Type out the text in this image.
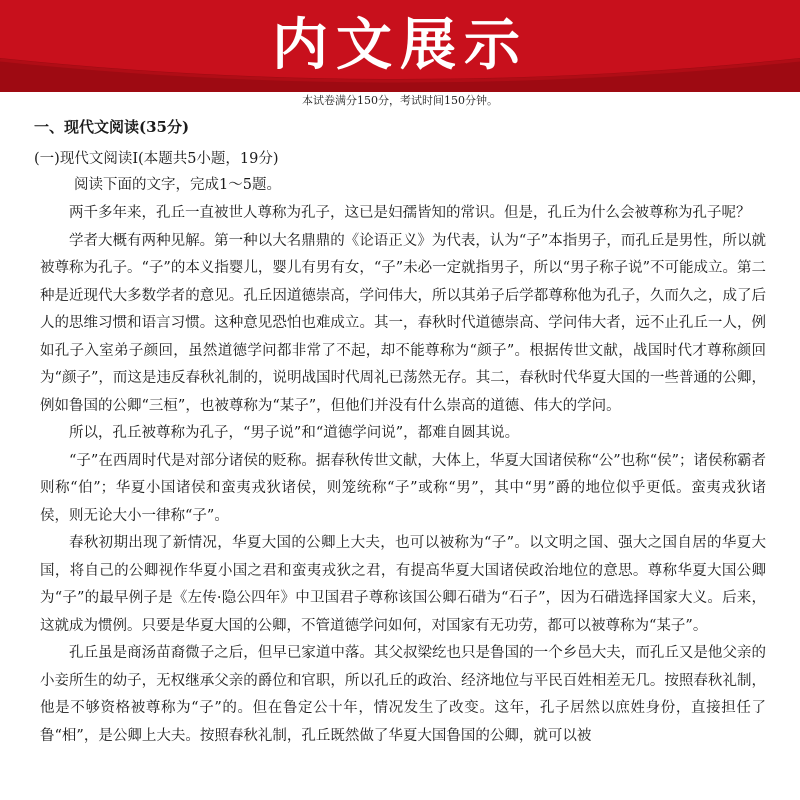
内文展示
本试卷满分150分，考试时间150分钟。
一、现代文阅读(35分)
(一)现代文阅读Ⅰ(本题共5小题，19分)
阅读下面的文字，完成1～5题。

两千多年来，孔丘一直被世人尊称为孔子，这已是妇孺皆知的常识。但是，孔丘为什么会被尊称为孔子呢？

学者大概有两种见解。第一种以大名鼎鼎的《论语正义》为代表，认为“子”本指男子，而孔丘是男性，所以就被尊称为孔子。“子”的本义指婴儿，婴儿有男有女，“子”未必一定就指男子，所以“男子称子说”不可能成立。第二种是近现代大多数学者的意见。孔丘因道德崇高，学问伟大，所以其弟子后学都尊称他为孔子，久而久之，成了后人的思维习惯和语言习惯。这种意见恐怕也难成立。其一，春秋时代道德崇高、学问伟大者，远不止孔丘一人，例如孔子入室弟子颜回，虽然道德学问都非常了不起，却不能尊称为“颜子”。根据传世文献，战国时代才尊称颜回为“颜子”，而这是违反春秋礼制的，说明战国时代周礼已荡然无存。其二，春秋时代华夏大国的一些普通的公卿，例如鲁国的公卿“三桓”，也被尊称为“某子”，但他们并没有什么崇高的道德、伟大的学问。

所以，孔丘被尊称为孔子，“男子说”和“道德学问说”，都难自圆其说。

“子”在西周时代是对部分诸侯的贬称。据春秋传世文献，大体上，华夏大国诸侯称“公”也称“侯”；诸侯称霸者则称“伯”；华夏小国诸侯和蛮夷戎狄诸侯，则笼统称“子”或称“男”，其中“男”爵的地位似乎更低。蛮夷戎狄诸侯，则无论大小一律称“子”。

春秋初期出现了新情况，华夏大国的公卿上大夫，也可以被称为“子”。以文明之国、强大之国自居的华夏大国，将自己的公卿视作华夏小国之君和蛮夷戎狄之君，有提高华夏大国诸侯政治地位的意思。尊称华夏大国公卿为“子”的最早例子是《左传·隐公四年》中卫国君子尊称该国公卿石碏为“石子”，因为石碏选择国家大义。后来，这就成为惯例。只要是华夏大国的公卿，不管道德学问如何，对国家有无功劳，都可以被尊称为“某子”。

孔丘虽是商汤苗裔微子之后，但早已家道中落。其父叔梁纥也只是鲁国的一个乡邑大夫，而孔丘又是他父亲的小妾所生的幼子，无权继承父亲的爵位和官职，所以孔丘的政治、经济地位与平民百姓相差无几。按照春秋礼制，他是不够资格被尊称为“子”的。但在鲁定公十年，情况发生了改变。这年，孔子居然以庶姓身份，直接担任了鲁“相”，是公卿上大夫。按照春秋礼制，孔丘既然做了华夏大国鲁国的公卿，就可以被
